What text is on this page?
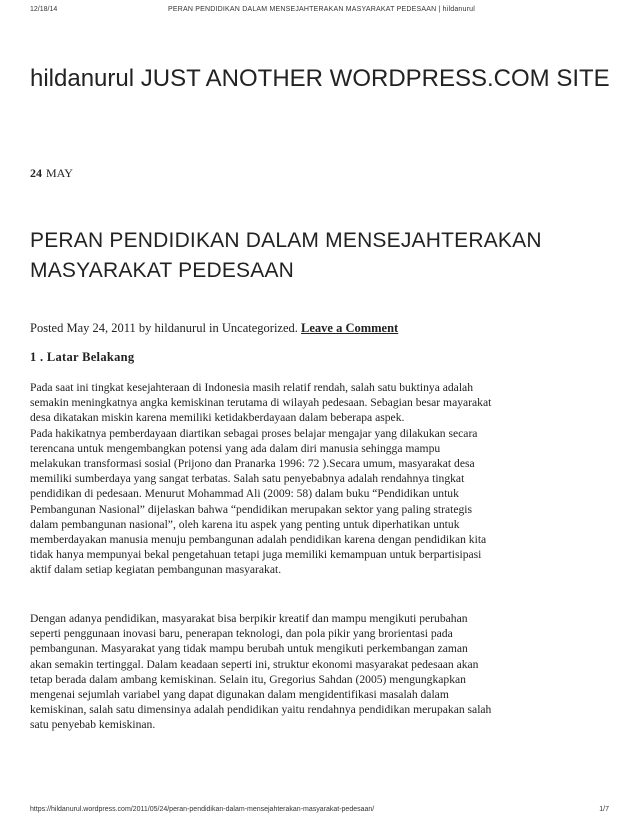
12/18/14	PERAN PENDIDIKAN DALAM MENSEJAHTERAKAN MASYARAKAT PEDESAAN | hildanurul
hildanurul JUST ANOTHER WORDPRESS.COM SITE
24 MAY
PERAN PENDIDIKAN DALAM MENSEJAHTERAKAN MASYARAKAT PEDESAAN
Posted May 24, 2011 by hildanurul in Uncategorized. Leave a Comment
1 . Latar Belakang

Pada saat ini tingkat kesejahteraan di Indonesia masih relatif rendah, salah satu buktinya adalah
semakin meningkatnya angka kemiskinan terutama di wilayah pedesaan. Sebagian besar mayarakat
desa dikatakan miskin karena memiliki ketidakberdayaan dalam beberapa aspek.
Pada hakikatnya pemberdayaan diartikan sebagai proses belajar mengajar yang dilakukan secara
terencana untuk mengembangkan potensi yang ada dalam diri manusia sehingga mampu
melakukan transformasi sosial (Prijono dan Pranarka 1996: 72 ).Secara umum, masyarakat desa
memiliki sumberdaya yang sangat terbatas. Salah satu penyebabnya adalah rendahnya tingkat
pendidikan di pedesaan. Menurut Mohammad Ali (2009: 58) dalam buku “Pendidikan untuk
Pembangunan Nasional” dijelaskan bahwa “pendidikan merupakan sektor yang paling strategis
dalam pembangunan nasional”, oleh karena itu aspek yang penting untuk diperhatikan untuk
memberdayakan manusia menuju pembangunan adalah pendidikan karena dengan pendidikan kita
tidak hanya mempunyai bekal pengetahuan tetapi juga memiliki kemampuan untuk berpartisipasi
aktif dalam setiap kegiatan pembangunan masyarakat.

Dengan adanya pendidikan, masyarakat bisa berpikir kreatif dan mampu mengikuti perubahan
seperti penggunaan inovasi baru, penerapan teknologi, dan pola pikir yang brorientasi pada
pembangunan. Masyarakat yang tidak mampu berubah untuk mengikuti perkembangan zaman
akan semakin tertinggal. Dalam keadaan seperti ini, struktur ekonomi masyarakat pedesaan akan
tetap berada dalam ambang kemiskinan. Selain itu, Gregorius Sahdan (2005) mengungkapkan
mengenai sejumlah variabel yang dapat digunakan dalam mengidentifikasi masalah dalam
kemiskinan, salah satu dimensinya adalah pendidikan yaitu rendahnya pendidikan merupakan salah
satu penyebab kemiskinan.

https://hildanurul.wordpress.com/2011/05/24/peran-pendidikan-dalam-mensejahterakan-masyarakat-pedesaan/	1/7
